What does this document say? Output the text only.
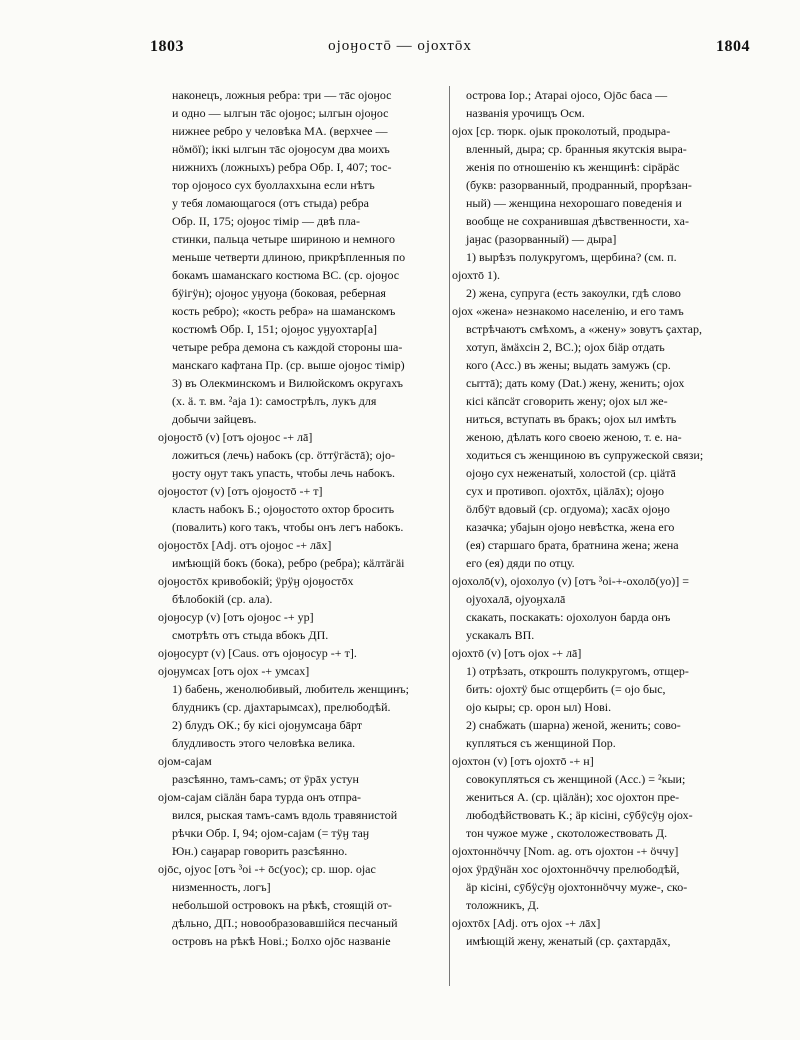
1803	ојоӈостō — ојохтōх	1804
наконецъ, ложныя ребра: три — тāс ојоӈос
и одно — ылгын тāс ојоӈос; ылгын ојоӈос
нижнее ребро у человѣка МА. (верхчее —
нӧмӧї); іккі ылгын тāс ојоӈосум два моихъ
нижнихъ (ложныхъ) ребра Обр. I, 407; тос-
тор ојоӈосо сух буоллаххына если нѣтъ
у тебя ломающагося (отъ стыда) ребра
Обр. II, 175; ојоӈос тімір — двѣ пла-
стинки, пальца четыре шириною и немного
меньше четверти длиною, прикрѣпленныя по
бокамъ шаманскаго костюма ВС. (ср. ојоӈос
бӱігӱн); ојоӈос уӈуоӈа (боковая, реберная
кость ребро); «кость ребра» на шаманскомъ
костюмѣ Обр. I, 151; ојоӈос уӈуохтар[а]
четыре ребра демона съ каждой стороны ша-
манскаго кафтана Пр. (ср. выше ојоӈос тімір)
3) въ Олекминскомъ и Вилюйскомъ округахъ
(х. ä. т. вм. ²аја 1): самострѣлъ, лукъ для
добычи зайцевъ.
ојоӈостō (v) [отъ ојоӈос -+ лā]
ложиться (лечь) набокъ (ср. ӧттӱгäстā); ојо-
ӈосту оӈут такъ упасть, чтобы лечь набокъ.
ојоӈостот (v) [отъ ојоӈостō -+ т]
класть набокъ Б.; ојоӈостото охтор бросить
(повалить) кого такъ, чтобы онъ легъ набокъ.
ојоӈостōх [Adj. отъ ојоӈос -+ лāх]
имѣющій бокъ (бока), ребро (ребра); кäлтäгäі
ојоӈостōх кривобокій; ӱрӱӈ ојоӈостōх
бѣлобокій (ср. ала).
ојоӈосур (v) [отъ ојоӈос -+ ур]
смотрѣть отъ стыда вбокъ ДП.
ојоӈосурт (v) [Caus. отъ ојоӈосур -+ т].
ојоӈумсах [отъ ојох -+ умсах]
1) бабень, женолюбивый, любитель женщинъ;
блудникъ (ср. дјахтарымсах), прелюбодѣй.
2) блудъ ОК.; бу кісі ојоӈумсаӈа бāрт
блудливость этого человѣка велика.
ојом-сајам
разсѣянно, тамъ-самъ; от ӱрāх устун
ојом-сајам сіäлäн бара турда онъ отпра-
вился, рыская тамъ-самъ вдоль травянистой
рѣчки Обр. I, 94; ојом-сајам (= тӱӈ таӈ
Юн.) саӈарар говорить разсѣянно.
ојōс, ојуос [отъ ³оі -+ ōс(уос); ср. шор. ојас
низменность, логъ]
небольшой островокъ на рѣкѣ, стоящій от-
дѣльно, ДП.; новообразовавшійся песчаный
островъ на рѣкѣ Нові.; Болхо ојōс названіе
острова Іор.; Атараі ојосо, Ојōс баса —
названія урочищъ Осм.
ојох [ср. тюрк. ојык проколотый, продыра-
вленный, дыра; ср. бранныя якутскія выра-
женія по отношенію къ женщинѣ: сірäрäс
(букв: разорванный, продранный, прорѣзан-
ный) — женщина нехорошаго поведенія и
вообще не сохранившая дѣвственности, ха-
јаӈас (разорванный) — дыра]
1) вырѣзъ полукругомъ, щербина? (см. п.
ојохтō 1).
2) жена, супруга (есть закоулки, гдѣ слово
ојох «жена» незнакомо населенію, и его тамъ
встрѣчаютъ смѣхомъ, а «жену» зовутъ ҫахтар,
хотуп, äмäхсін 2, ВС.); ојох біäр отдать
кого (Acc.) въ жены; выдать замужъ (ср.
сыттā); дать кому (Dat.) жену, женить; ојох
кісі кäпсäт сговорить жену; ојох ыл же-
ниться, вступать въ бракъ; ојох ыл имѣть
женою, дѣлать кого своею женою, т. е. на-
ходиться съ женщиною въ супружеской связи;
ојоӈо сух неженатый, холостой (ср. ціäтā
сух и противоп. ојохтōх, ціäлāх); ојоӈо
ӧлбӱт вдовый (ср. огдуома); хасāх ојоӈо
казачка; убајын ојоӈо невѣстка, жена его
(ея) старшаго брата, братнина жена; жена
его (ея) дяди по отцу.
ојохолō(v), ојохолуо (v) [отъ ³оі-+-охолō(уо)] =
ојуохалā, ојуоӈхалā
скакать, поскакать: ојохолуон барда онъ
ускакалъ ВП.
ојохтō (v) [отъ ојох -+ лā]
1) отрѣзать, открошть полукругомъ, отщер-
бить: ојохтӱ быс отщербить (= ојо быс,
ојо кыры; ср. орон ыл) Нові.
2) снабжать (шарна) женой, женить; сово-
купляться съ женщиной Пор.
ојохтон (v) [отъ ојохтō -+ н]
совокупляться съ женщиной (Acc.) = ²кыи;
жениться А. (ср. ціäлäн); хос ојохтон пре-
любодѣйствовать К.; äр кісіні, сӯбӱсӱӈ ојох-
тон чужое муже , скотоложествовать Д.
ојохтоннӧччу [Nom. ag. отъ ојохтон -+ ӧччу]
ојох ӱрдӱнäн хос ојохтоннӧччу прелюбодѣй,
äр кісіні, сӯбӱсӱӈ ојохтоннӧччу муже-, ско-
толожникъ, Д.
ојохтōх [Adj. отъ ојох -+ лāх]
имѣющій жену, женатый (ср. ҫахтардāх,
